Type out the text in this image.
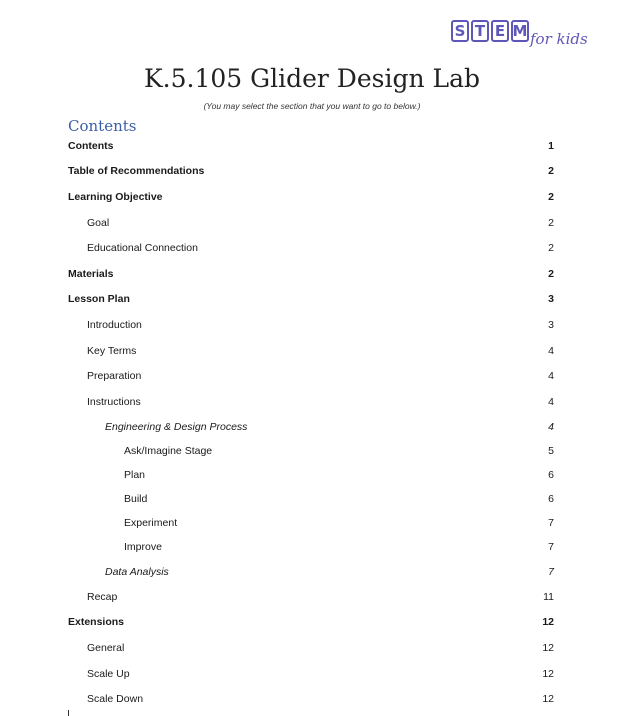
S T E M for kids
K.5.105 Glider Design Lab
(You may select the section that you want to go to below.)
Contents
Contents	1
Table of Recommendations	2
Learning Objective	2
Goal	2
Educational Connection	2
Materials	2
Lesson Plan	3
Introduction	3
Key Terms	4
Preparation	4
Instructions	4
Engineering & Design Process	4
Ask/Imagine Stage	5
Plan	6
Build	6
Experiment	7
Improve	7
Data Analysis	7
Recap	11
Extensions	12
General	12
Scale Up	12
Scale Down	12
